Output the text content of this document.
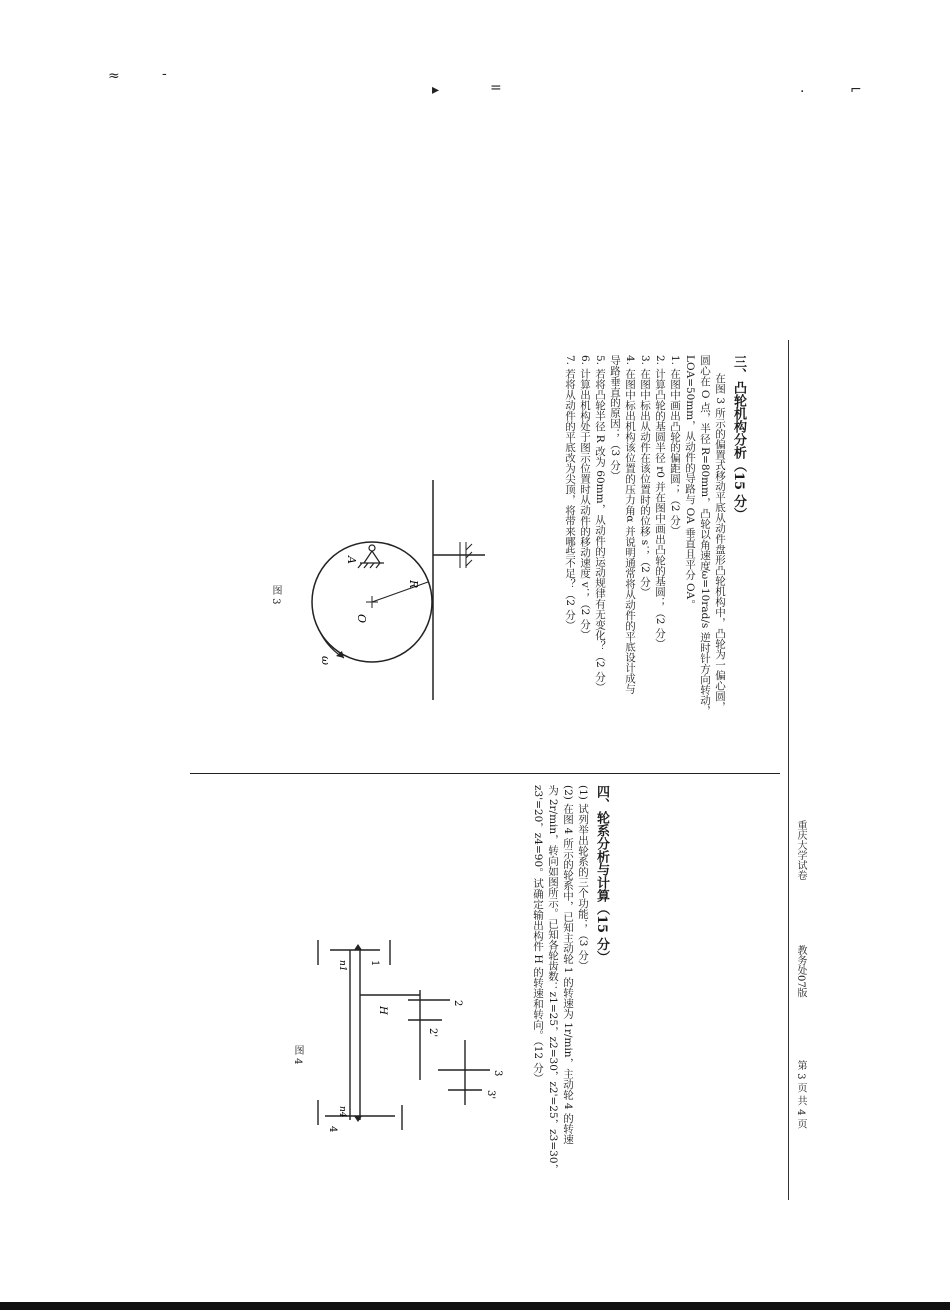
≈	-
▸	=	·	⌐
重庆大学试卷
教务处07版
第 3 页 共 4 页
三、凸轮机构分析（15 分）
在图 3 所示的偏置式移动平底从动件盘形凸轮机构中，凸轮为一偏心圆，
圆心在 O 点，半径 R=80mm，凸轮以角速度ω=10rad/s 逆时针方向转动，
LOA=50mm，从动件的导路与 OA 垂直且平分 OA。
1. 在图中画出凸轮的偏距圆；（2 分）
2. 计算凸轮的基圆半径 r0 并在图中画出凸轮的基圆；（2 分）
3. 在图中标出从动件在该位置时的位移 s；（2 分）
4. 在图中标出机构该位置的压力角α 并说明通常将从动件的平底设计成与
导路垂直的原因；（3 分）
5. 若将凸轮半径 R 改为 60mm，从动件的运动规律有无变化？（2 分）
6. 计算出机构处于图示位置时从动件的移动速度 v；（2 分）
7. 若将从动件的平底改为尖顶，将带来哪些不足？（2 分）
R
O
A
ω
图 3
四、轮系分析与计算（15 分）
(1) 试列举出轮系的三个功能；（3 分）
(2) 在图 4 所示的轮系中，已知主动轮 1 的转速为 1r/min，主动轮 4 的转速
为 2r/min，转向如图所示。已知各轮齿数：z1=25，z2=30，z2'=25，z3=30，
z3'=20，z4=90。试确定输出构件 H 的转速和转向。（12 分）
1
2
2'
3
3'
4
H
n1
n4
图 4
